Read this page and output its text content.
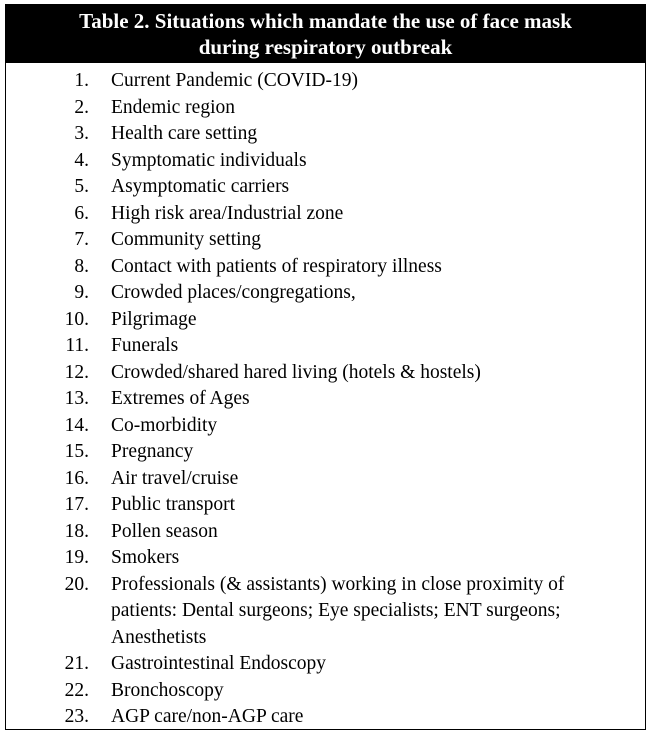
Table 2. Situations which mandate the use of face mask
during respiratory outbreak
1. Current Pandemic (COVID-19)
2. Endemic region
3. Health care setting
4. Symptomatic individuals
5. Asymptomatic carriers
6. High risk area/Industrial zone
7. Community setting
8. Contact with patients of respiratory illness
9. Crowded places/congregations,
10. Pilgrimage
11. Funerals
12. Crowded/shared hared living (hotels & hostels)
13. Extremes of Ages
14. Co-morbidity
15. Pregnancy
16. Air travel/cruise
17. Public transport
18. Pollen season
19. Smokers
20. Professionals (& assistants) working in close proximity of patients: Dental surgeons; Eye specialists; ENT surgeons; Anesthetists
21. Gastrointestinal Endoscopy
22. Bronchoscopy
23. AGP care/non-AGP care
